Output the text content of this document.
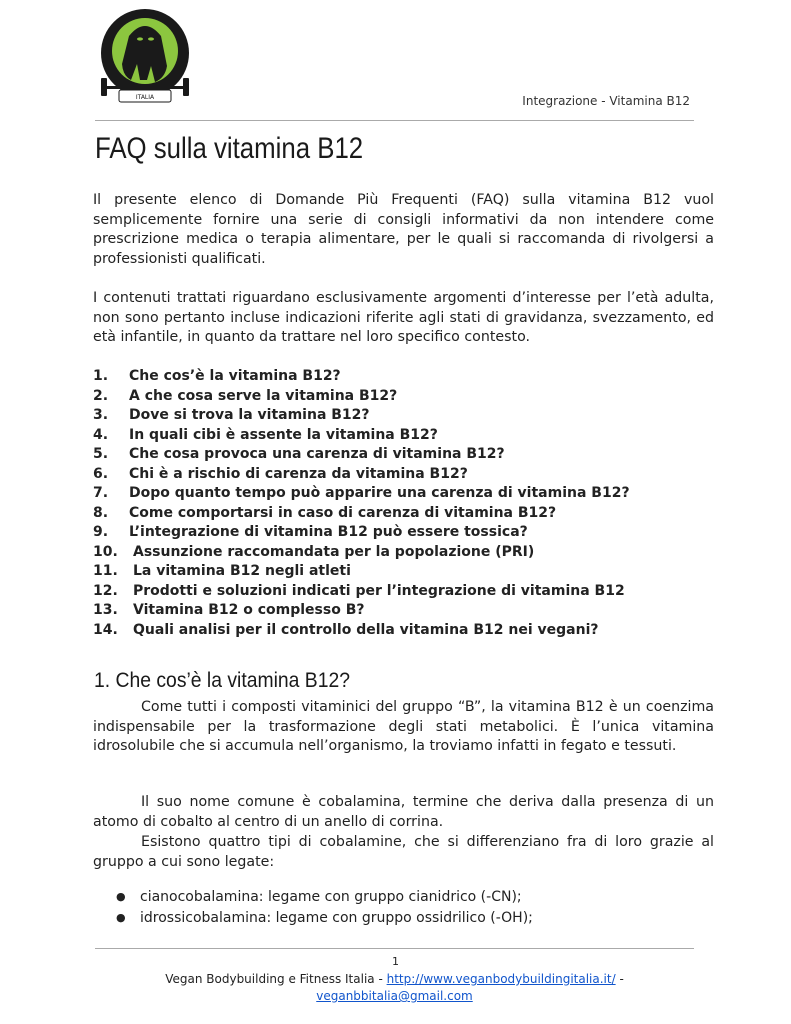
ITALIA	Integrazione - Vitamina B12
FAQ sulla vitamina B12

Il presente elenco di Domande Più Frequenti (FAQ) sulla vitamina B12 vuol semplicemente fornire una serie di consigli informativi da non intendere come prescrizione medica o terapia alimentare, per le quali si raccomanda di rivolgersi a professionisti qualificati.

I contenuti trattati riguardano esclusivamente argomenti d’interesse per l’età adulta, non sono pertanto incluse indicazioni riferite agli stati di gravidanza, svezzamento, ed età infantile, in quanto da trattare nel loro specifico contesto.

1. Che cos’è la vitamina B12?
2. A che cosa serve la vitamina B12?
3. Dove si trova la vitamina B12?
4. In quali cibi è assente la vitamina B12?
5. Che cosa provoca una carenza di vitamina B12?
6. Chi è a rischio di carenza da vitamina B12?
7. Dopo quanto tempo può apparire una carenza di vitamina B12?
8. Come comportarsi in caso di carenza di vitamina B12?
9. L’integrazione di vitamina B12 può essere tossica?
10. Assunzione raccomandata per la popolazione (PRI)
11. La vitamina B12 negli atleti
12. Prodotti e soluzioni indicati per l’integrazione di vitamina B12
13. Vitamina B12 o complesso B?
14. Quali analisi per il controllo della vitamina B12 nei vegani?
1. Che cos’è la vitamina B12?

Come tutti i composti vitaminici del gruppo “B”, la vitamina B12 è un coenzima indispensabile per la trasformazione degli stati metabolici. È l’unica vitamina idrosolubile che si accumula nell’organismo, la troviamo infatti in fegato e tessuti.

Il suo nome comune è cobalamina, termine che deriva dalla presenza di un atomo di cobalto al centro di un anello di corrina.

Esistono quattro tipi di cobalamine, che si differenziano fra di loro grazie al gruppo a cui sono legate:

● cianocobalamina: legame con gruppo cianidrico (-CN);
● idrossicobalamina: legame con gruppo ossidrilico (-OH);
1
Vegan Bodybuilding e Fitness Italia - http://www.veganbodybuildingitalia.it/ -
veganbbitalia@gmail.com
